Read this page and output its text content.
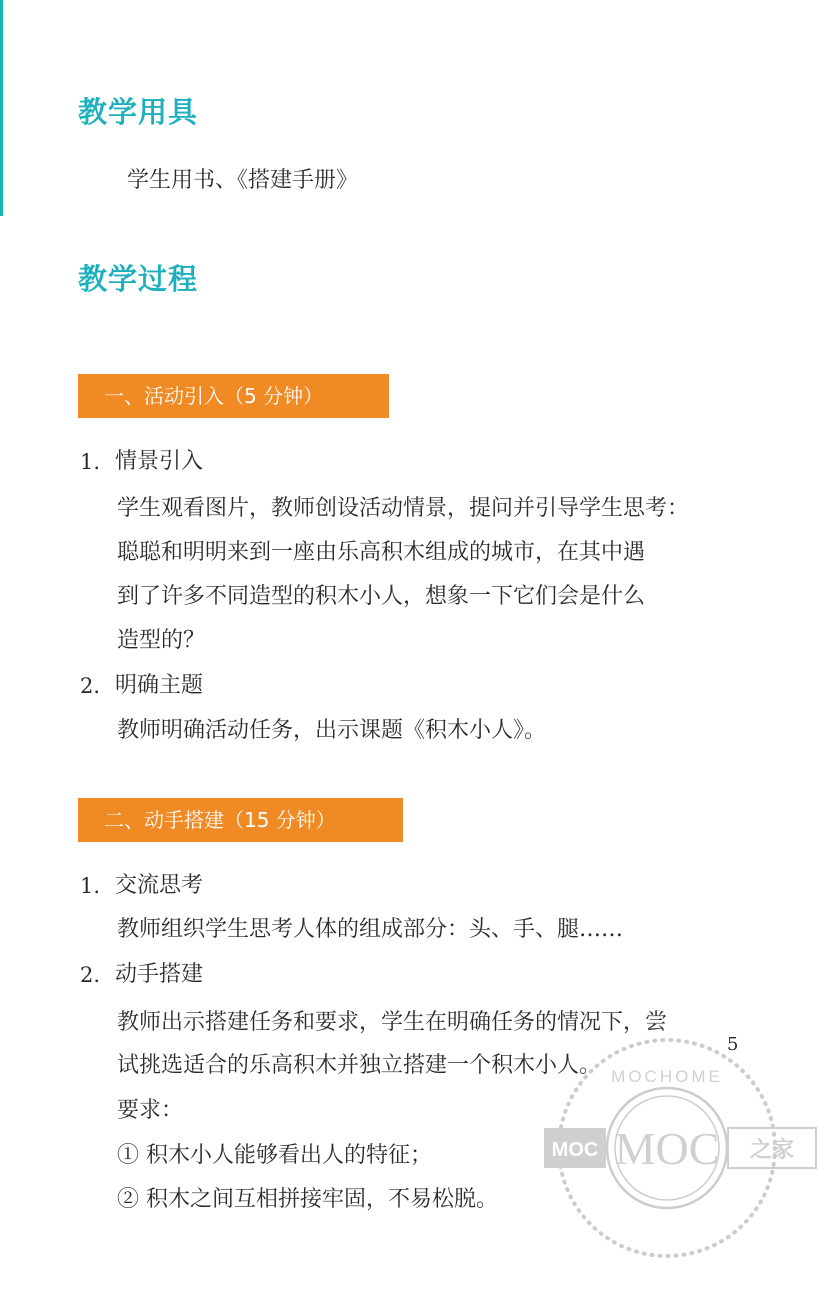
教学用具

学生用书、《搭建手册》

教学过程
一、活动引入（5 分钟）

1. 情景引入

学生观看图片，教师创设活动情景，提问并引导学生思考：

聪聪和明明来到一座由乐高积木组成的城市，在其中遇

到了许多不同造型的积木小人，想象一下它们会是什么

造型的？

2. 明确主题

教师明确活动任务，出示课题《积木小人》。

二、动手搭建（15 分钟）

1. 交流思考

教师组织学生思考人体的组成部分：头、手、腿……

2. 动手搭建

教师出示搭建任务和要求，学生在明确任务的情况下，尝

试挑选适合的乐高积木并独立搭建一个积木小人。

要求：

① 积木小人能够看出人的特征；

② 积木之间互相拼接牢固，不易松脱。

5
MOC MOC 之家
MOCHOME
